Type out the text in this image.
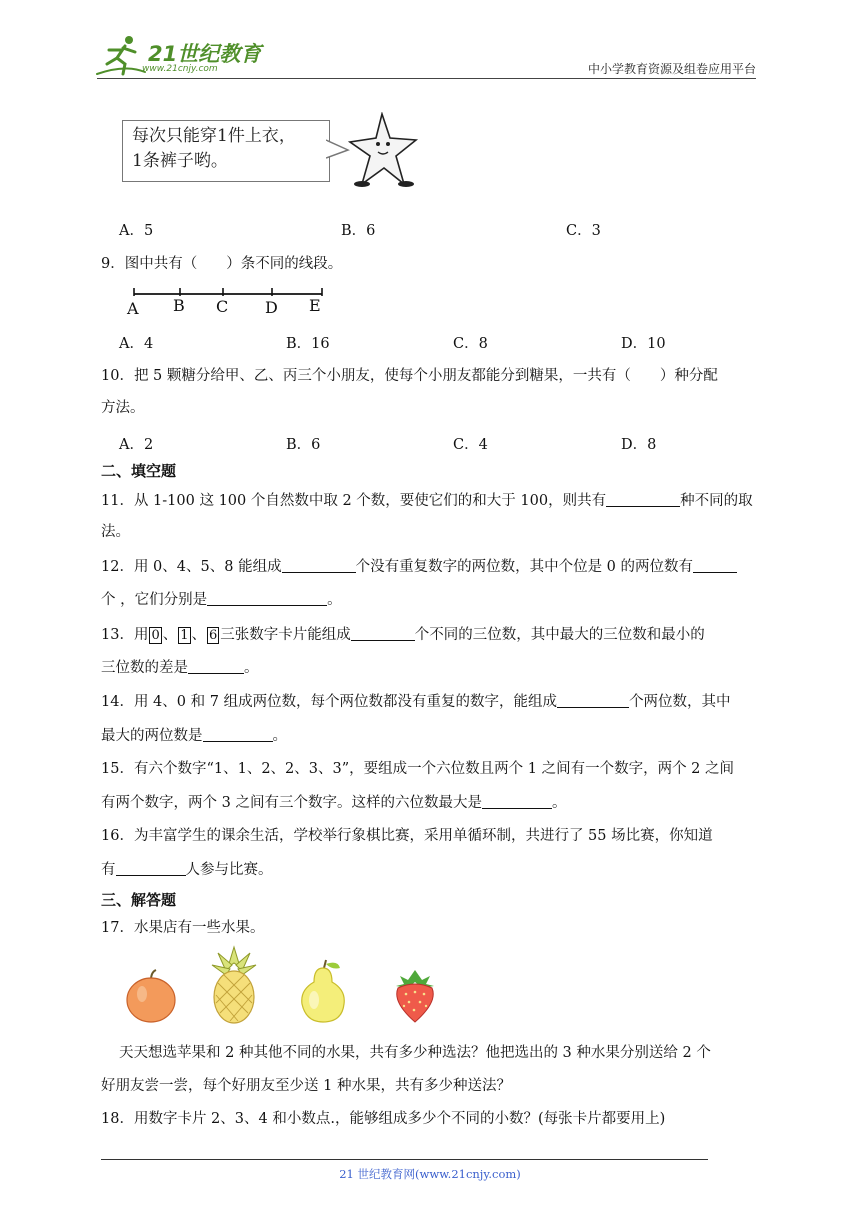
21世纪教育
www.21cnjy.com	中小学教育资源及组卷应用平台
每次只能穿1件上衣，
1条裤子哟。
A．5	B．6	C．3
9．图中共有（　　）条不同的线段。
A B C D E
A．4	B．16	C．8	D．10
10．把 5 颗糖分给甲、乙、丙三个小朋友，使每个小朋友都能分到糖果，一共有（　　）种分配
方法。
A．2	B．6	C．4	D．8
二、填空题
11．从 1-100 这 100 个自然数中取 2 个数，要使它们的和大于 100，则共有	种不同的取
法。
12．用 0、4、5、8 能组成	个没有重复数字的两位数，其中个位是 0 的两位数有
个 ，它们分别是	。
13．用 0 、 1 、 6 三张数字卡片能组成	个不同的三位数，其中最大的三位数和最小的
三位数的差是	。
14．用 4、0 和 7 组成两位数，每个两位数都没有重复的数字，能组成	个两位数，其中
最大的两位数是	。
15．有六个数字“1、1、2、2、3、3”，要组成一个六位数且两个 1 之间有一个数字，两个 2 之间
有两个数字，两个 3 之间有三个数字。这样的六位数最大是	。
16．为丰富学生的课余生活，学校举行象棋比赛，采用单循环制，共进行了 55 场比赛，你知道
有	人参与比赛。
三、解答题
17．水果店有一些水果。
天天想选苹果和 2 种其他不同的水果，共有多少种选法？他把选出的 3 种水果分别送给 2 个
好朋友尝一尝，每个好朋友至少送 1 种水果，共有多少种送法？
18．用数字卡片 2、3、4 和小数点.，能够组成多少个不同的小数？(每张卡片都要用上)
21 世纪教育网(www.21cnjy.com)
